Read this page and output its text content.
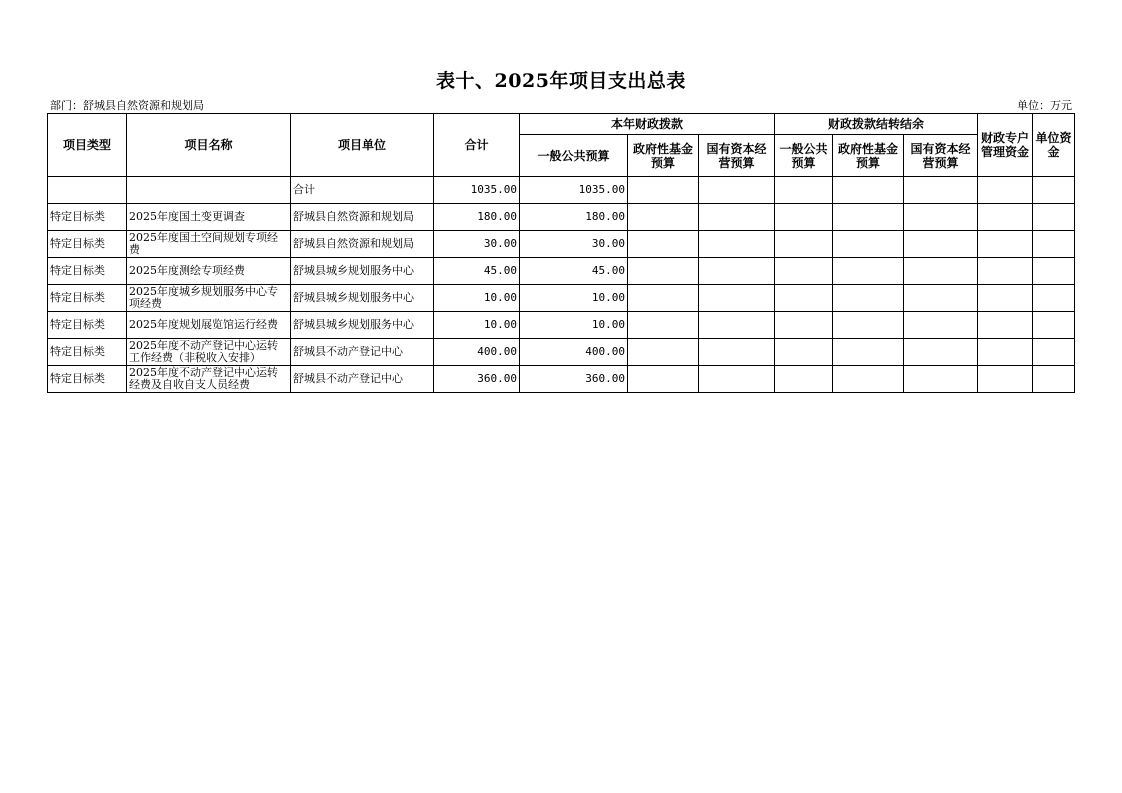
表十、2025年项目支出总表
部门：舒城县自然资源和规划局	单位：万元
项目类型	项目名称	项目单位	合计	本年财政拨款			财政拨款结转结余			财政专户管理资金	单位资金
				一般公共预算	政府性基金预算	国有资本经营预算	一般公共预算	政府性基金预算	国有资本经营预算		
		合计	1035.00	1035.00							
特定目标类	2025年度国土变更调查	舒城县自然资源和规划局	180.00	180.00							
特定目标类	2025年度国土空间规划专项经费	舒城县自然资源和规划局	30.00	30.00							
特定目标类	2025年度测绘专项经费	舒城县城乡规划服务中心	45.00	45.00							
特定目标类	2025年度城乡规划服务中心专项经费	舒城县城乡规划服务中心	10.00	10.00							
特定目标类	2025年度规划展览馆运行经费	舒城县城乡规划服务中心	10.00	10.00							
特定目标类	2025年度不动产登记中心运转工作经费（非税收入安排）	舒城县不动产登记中心	400.00	400.00							
特定目标类	2025年度不动产登记中心运转经费及自收自支人员经费	舒城县不动产登记中心	360.00	360.00							
